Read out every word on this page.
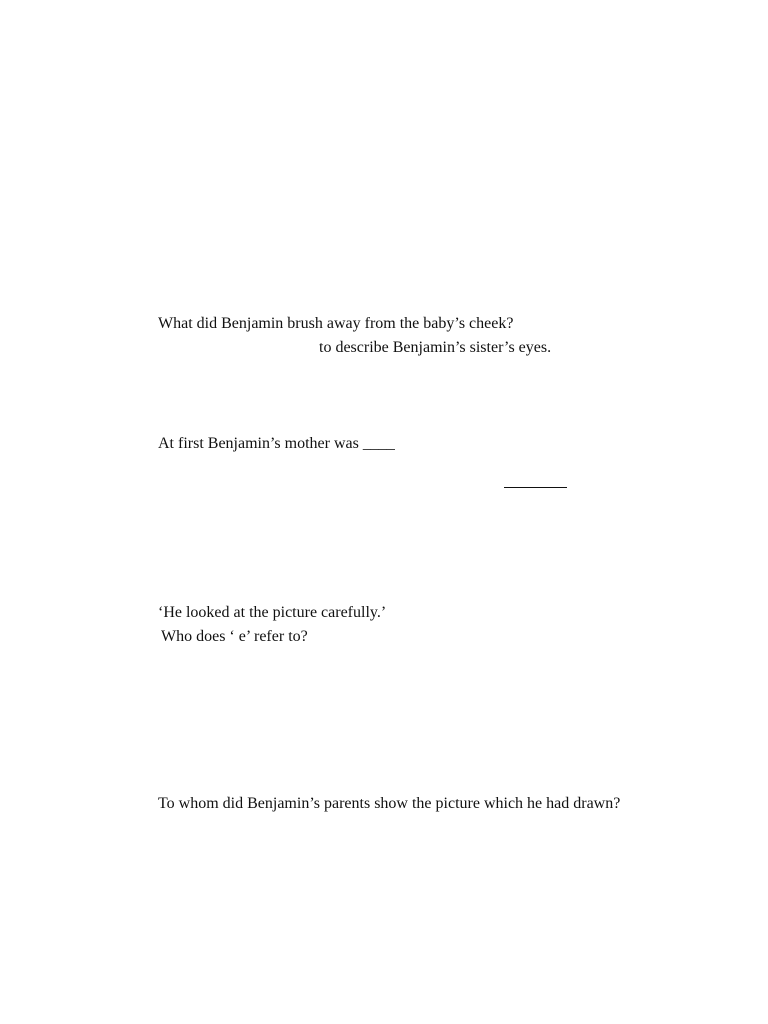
What did Benjamin brush away from the baby’s cheek?
to describe Benjamin’s sister’s eyes.
At first Benjamin’s mother was ____
‘He looked at the picture carefully.’
Who does ‘ e’ refer to?
To whom did Benjamin’s parents show the picture which he had drawn?
